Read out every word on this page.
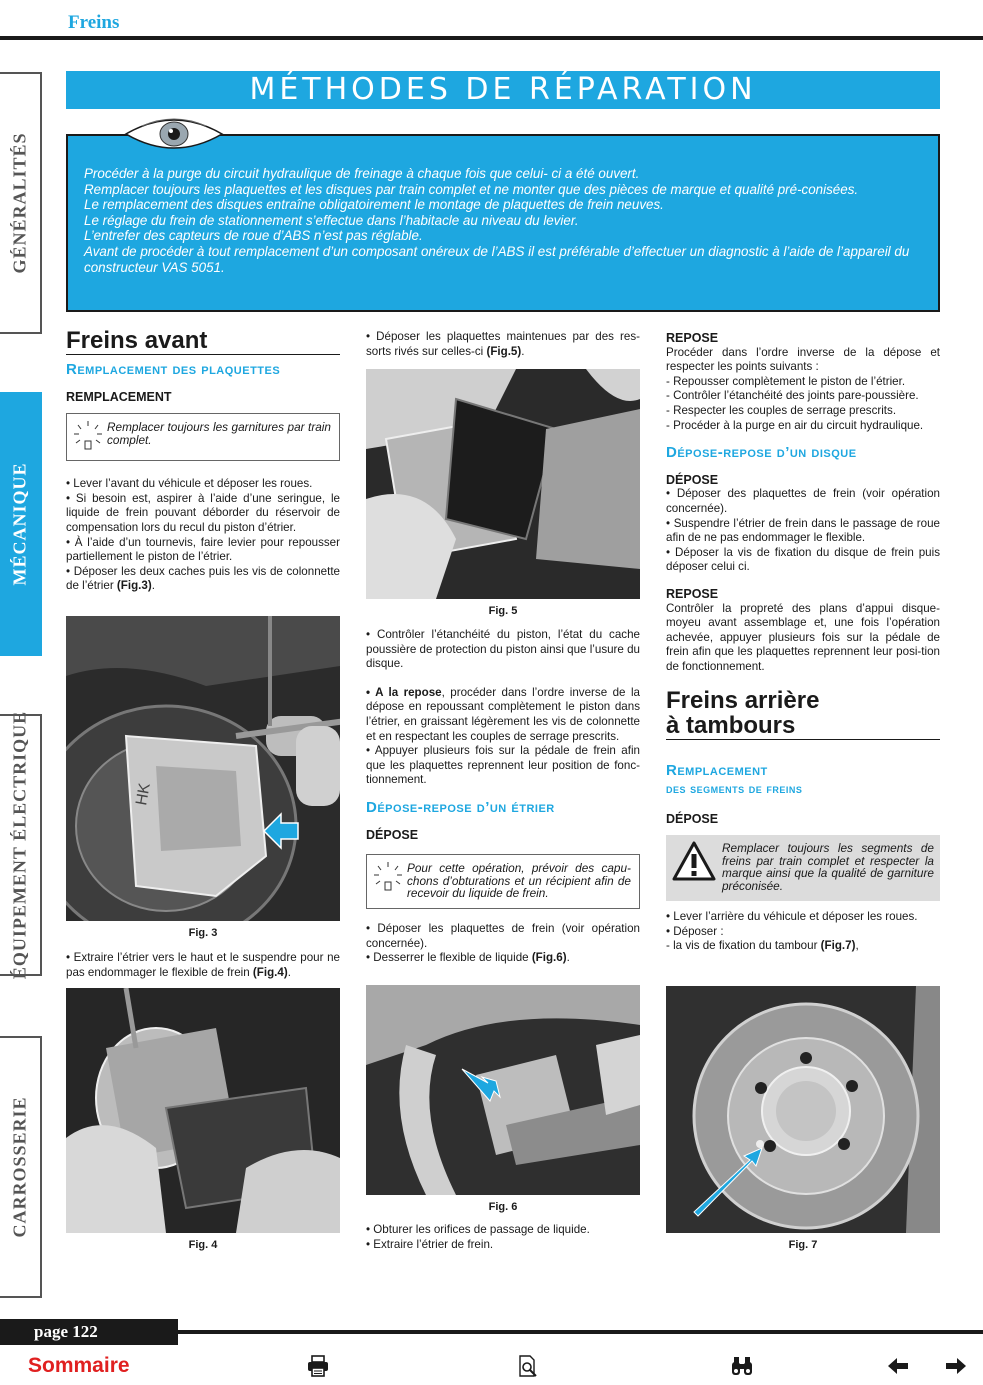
Freins
GÉNÉRALITÉS
MÉCANIQUE
ÉQUIPEMENT ÉLECTRIQUE
CARROSSERIE
MÉTHODES DE RÉPARATION

Procéder à la purge du circuit hydraulique de freinage à chaque fois que celui- ci a été ouvert.

Remplacer toujours les plaquettes et les disques par train complet et ne monter que des pièces de marque et qualité pré-conisées.

Le remplacement des disques entraîne obligatoirement le montage de plaquettes de frein neuves.

Le réglage du frein de stationnement s’effectue dans l’habitacle au niveau du levier.

L’entrefer des capteurs de roue d’ABS n’est pas réglable.

Avant de procéder à tout remplacement d’un composant onéreux de l’ABS il est préférable d’effectuer un diagnostic à l’aide de l’appareil du constructeur VAS 5051.

Freins avant
Remplacement des plaquettes
REMPLACEMENT
Remplacer toujours les garnitures par train complet.

• Lever l’avant du véhicule et déposer les roues.

• Si besoin est, aspirer à l’aide d’une seringue, le liquide de frein pouvant déborder du réservoir de compensation lors du recul du piston d’étrier.

• À l’aide d’un tournevis, faire levier pour repousser partiellement le piston de l’étrier.

• Déposer les deux caches puis les vis de colonnette de l’étrier (Fig.3).

HK
Fig. 3

• Extraire l’étrier vers le haut et le suspendre pour ne pas endommager le flexible de frein (Fig.4).

Fig. 4

• Déposer les plaquettes maintenues par des res-sorts rivés sur celles-ci (Fig.5).

Fig. 5

• Contrôler l’étanchéité du piston, l’état du cache poussière de protection du piston ainsi que l’usure du disque.

• A la repose, procéder dans l’ordre inverse de la dépose en repoussant complètement le piston dans l’étrier, en graissant légèrement les vis de colonnette et en respectant les couples de serrage prescrits.

• Appuyer plusieurs fois sur la pédale de frein afin que les plaquettes reprennent leur position de fonc-tionnement.

Dépose-repose d’un étrier
DÉPOSE
Pour cette opération, prévoir des capu-chons d’obturations et un récipient afin de recevoir du liquide de frein.

• Déposer les plaquettes de frein (voir opération concernée).

• Desserrer le flexible de liquide (Fig.6).

Fig. 6

• Obturer les orifices de passage de liquide.

• Extraire l’étrier de frein.

REPOSE

Procéder dans l’ordre inverse de la dépose et respecter les points suivants :

- Repousser complètement le piston de l’étrier.

- Contrôler l’étanchéité des joints pare-poussière.

- Respecter les couples de serrage prescrits.

- Procéder à la purge en air du circuit hydraulique.

Dépose-repose d’un disque
DÉPOSE

• Déposer des plaquettes de frein (voir opération concernée).

• Suspendre l’étrier de frein dans le passage de roue afin de ne pas endommager le flexible.

• Déposer la vis de fixation du disque de frein puis déposer celui ci.

REPOSE

Contrôler la propreté des plans d’appui disque-moyeu avant assemblage et, une fois l’opération achevée, appuyer plusieurs fois sur la pédale de frein afin que les plaquettes reprennent leur posi-tion de fonctionnement.

Freins arrière
à tambours
Remplacement
des segments de freins
DÉPOSE
Remplacer toujours les segments de freins par train complet et respecter la marque ainsi que la qualité de garniture préconisée.

• Lever l’arrière du véhicule et déposer les roues.

• Déposer :

- la vis de fixation du tambour (Fig.7),

Fig. 7
page 122
Sommaire
